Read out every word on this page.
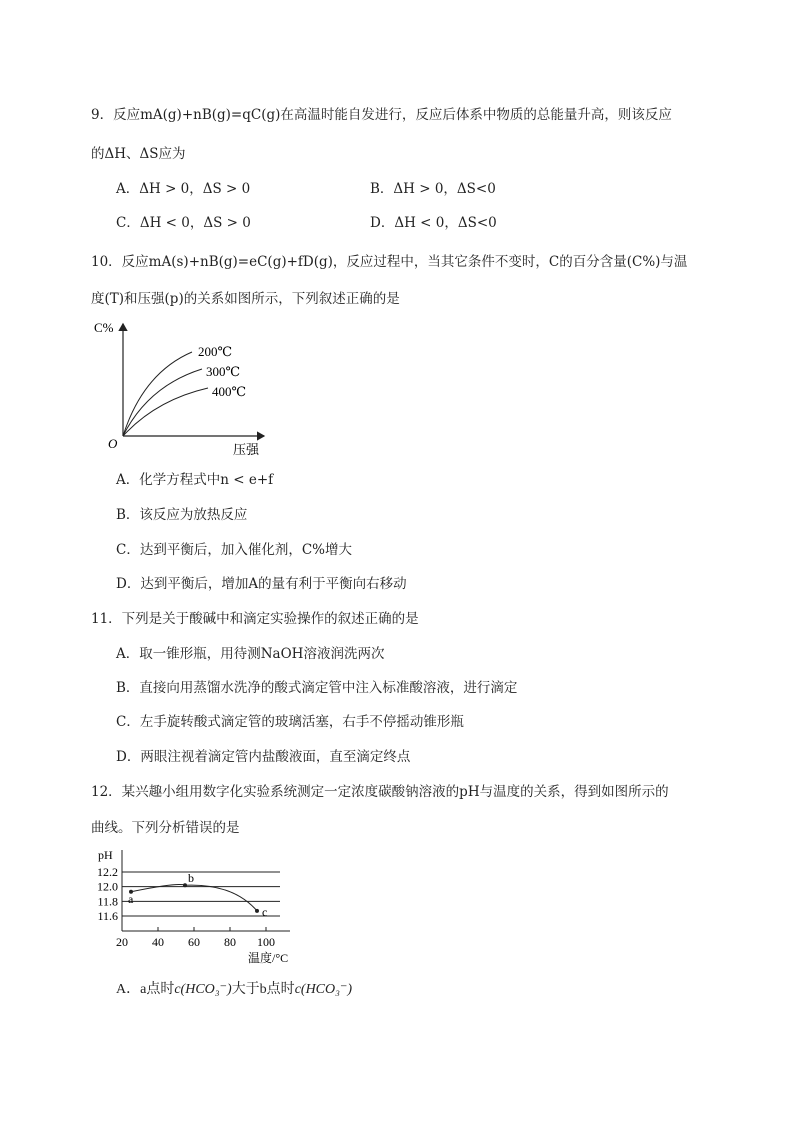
9．反应mA(g)+nB(g)=qC(g)在高温时能自发进行，反应后体系中物质的总能量升高，则该反应
的ΔH、ΔS应为
A．ΔH > 0，ΔS > 0	B．ΔH > 0，ΔS<0
C．ΔH < 0，ΔS > 0	D．ΔH < 0，ΔS<0
10．反应mA(s)+nB(g)=eC(g)+fD(g)，反应过程中，当其它条件不变时，C的百分含量(C%)与温
度(T)和压强(p)的关系如图所示，下列叙述正确的是
C%
O	压强
200℃
300℃
400℃
A．化学方程式中n < e+f
B．该反应为放热反应
C．达到平衡后，加入催化剂，C%增大
D．达到平衡后，增加A的量有利于平衡向右移动
11．下列是关于酸碱中和滴定实验操作的叙述正确的是
A．取一锥形瓶，用待测NaOH溶液润洗两次
B．直接向用蒸馏水洗净的酸式滴定管中注入标准酸溶液，进行滴定
C．左手旋转酸式滴定管的玻璃活塞，右手不停摇动锥形瓶
D．两眼注视着滴定管内盐酸液面，直至滴定终点
12．某兴趣小组用数字化实验系统测定一定浓度碳酸钠溶液的pH与温度的关系，得到如图所示的
曲线。下列分析错误的是
pH
温度/°C
11.6
11.8
12.0
12.2
20 40 60 80 100
a
b
c
A．a点时c(HCO₃⁻)大于b点时c(HCO₃⁻)
